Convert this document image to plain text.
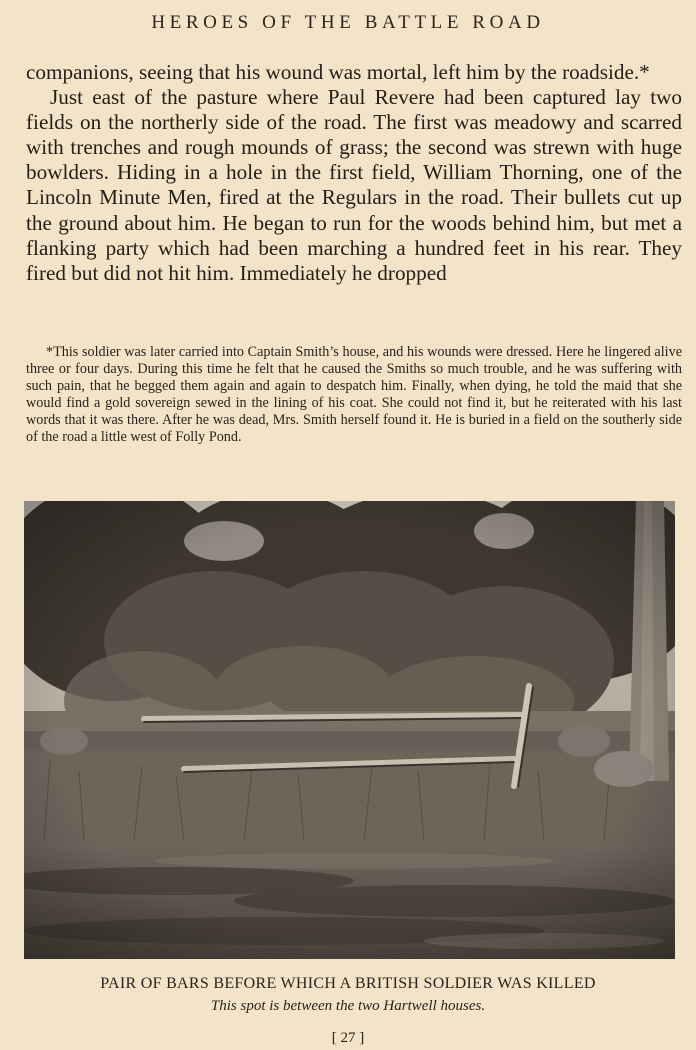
HEROES OF THE BATTLE ROAD

companions, seeing that his wound was mortal, left him by the roadside.*

Just east of the pasture where Paul Revere had been captured lay two fields on the northerly side of the road. The first was meadowy and scarred with trenches and rough mounds of grass; the second was strewn with huge bowlders. Hiding in a hole in the first field, William Thorning, one of the Lincoln Minute Men, fired at the Regulars in the road. Their bullets cut up the ground about him. He began to run for the woods behind him, but met a flanking party which had been marching a hundred feet in his rear. They fired but did not hit him. Immediately he dropped

*This soldier was later carried into Captain Smith’s house, and his wounds were dressed. Here he lingered alive three or four days. During this time he felt that he caused the Smiths so much trouble, and he was suffering with such pain, that he begged them again and again to despatch him. Finally, when dying, he told the maid that she would find a gold sovereign sewed in the lining of his coat. She could not find it, but he reiterated with his last words that it was there. After he was dead, Mrs. Smith herself found it. He is buried in a field on the southerly side of the road a little west of Folly Pond.

PAIR OF BARS BEFORE WHICH A BRITISH SOLDIER WAS KILLED
This spot is between the two Hartwell houses.
[ 27 ]
